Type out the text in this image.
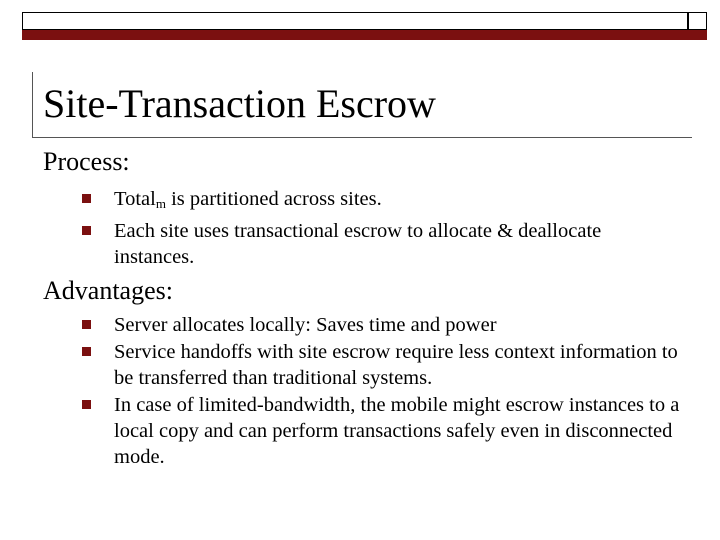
Site-Transaction Escrow
Process:
Total$_m$ is partitioned across sites.
Each site uses transactional escrow to allocate & deallocate instances.
Advantages:
Server allocates locally: Saves time and power
Service handoffs with site escrow require less context information to be transferred than traditional systems.
In case of limited-bandwidth, the mobile might escrow instances to a local copy and can perform transactions safely even in disconnected mode.
